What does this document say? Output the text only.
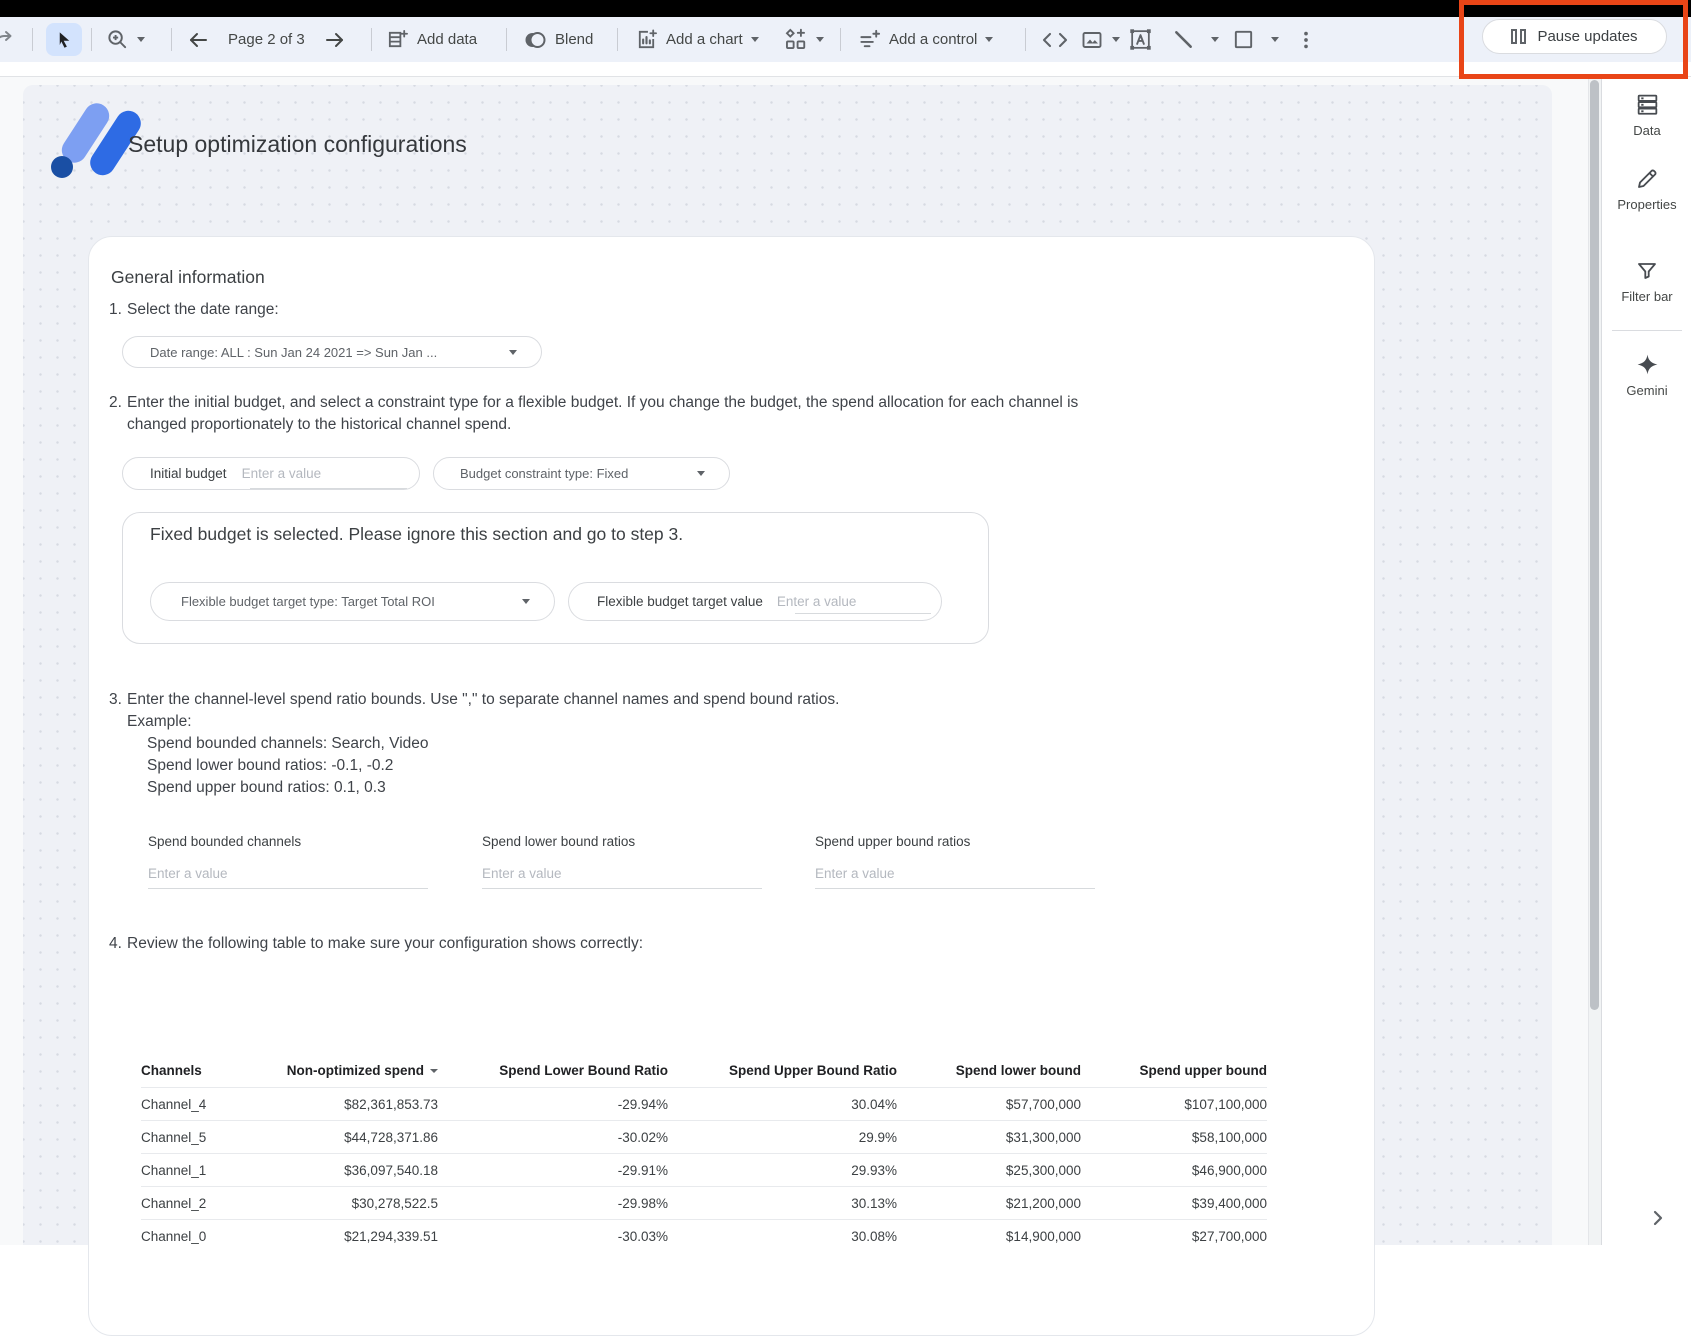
Page 2 of 3	Add data	Blend	Add a chart	Add a control	Pause updates
Data
Properties
Filter bar
Gemini
Setup optimization configurations
General information
1. Select the date range:
Date range: ALL : Sun Jan 24 2021 => Sun Jan ...
2. Enter the initial budget, and select a constraint type for a flexible budget. If you change the budget, the spend allocation for each channel is changed proportionately to the historical channel spend.
Initial budget Enter a value	Budget constraint type: Fixed
Fixed budget is selected. Please ignore this section and go to step 3.
Flexible budget target type: Target Total ROI	Flexible budget target value Enter a value
3. Enter the channel-level spend ratio bounds. Use "," to separate channel names and spend bound ratios.
Example:
Spend bounded channels: Search, Video
Spend lower bound ratios: -0.1, -0.2
Spend upper bound ratios: 0.1, 0.3
Spend bounded channels	Spend lower bound ratios	Spend upper bound ratios
Enter a value	Enter a value	Enter a value
4. Review the following table to make sure your configuration shows correctly:
Channels	Non-optimized spend	Spend Lower Bound Ratio	Spend Upper Bound Ratio	Spend lower bound	Spend upper bound
Channel_4	$82,361,853.73	-29.94%	30.04%	$57,700,000	$107,100,000
Channel_5	$44,728,371.86	-30.02%	29.9%	$31,300,000	$58,100,000
Channel_1	$36,097,540.18	-29.91%	29.93%	$25,300,000	$46,900,000
Channel_2	$30,278,522.5	-29.98%	30.13%	$21,200,000	$39,400,000
Channel_0	$21,294,339.51	-30.03%	30.08%	$14,900,000	$27,700,000
